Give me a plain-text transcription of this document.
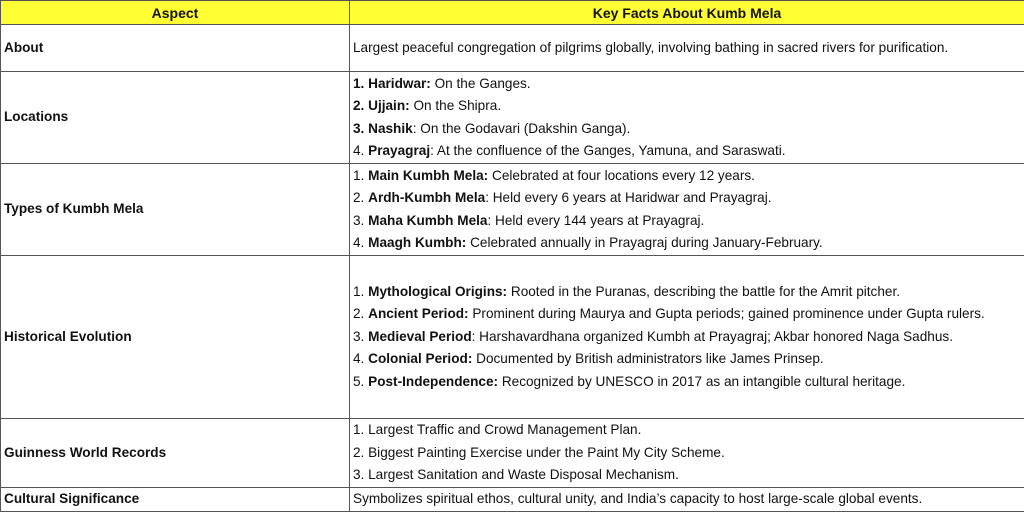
Aspect	Key Facts About Kumb Mela
About	Largest peaceful congregation of pilgrims globally, involving bathing in sacred rivers for purification.

Locations	1. Haridwar: On the Ganges.
2. Ujjain: On the Shipra.
3. Nashik: On the Godavari (Dakshin Ganga).
4. Prayagraj: At the confluence of the Ganges, Yamuna, and Saraswati.

Types of Kumbh Mela	1. Main Kumbh Mela: Celebrated at four locations every 12 years.
2. Ardh-Kumbh Mela: Held every 6 years at Haridwar and Prayagraj.
3. Maha Kumbh Mela: Held every 144 years at Prayagraj.
4. Maagh Kumbh: Celebrated annually in Prayagraj during January-February.

Historical Evolution	1. Mythological Origins: Rooted in the Puranas, describing the battle for the Amrit pitcher.
2. Ancient Period: Prominent during Maurya and Gupta periods; gained prominence under Gupta rulers.
3. Medieval Period: Harshavardhana organized Kumbh at Prayagraj; Akbar honored Naga Sadhus.
4. Colonial Period: Documented by British administrators like James Prinsep.
5. Post-Independence: Recognized by UNESCO in 2017 as an intangible cultural heritage.

Guinness World Records	1. Largest Traffic and Crowd Management Plan.
2. Biggest Painting Exercise under the Paint My City Scheme.
3. Largest Sanitation and Waste Disposal Mechanism.

Cultural Significance	Symbolizes spiritual ethos, cultural unity, and India’s capacity to host large-scale global events.
